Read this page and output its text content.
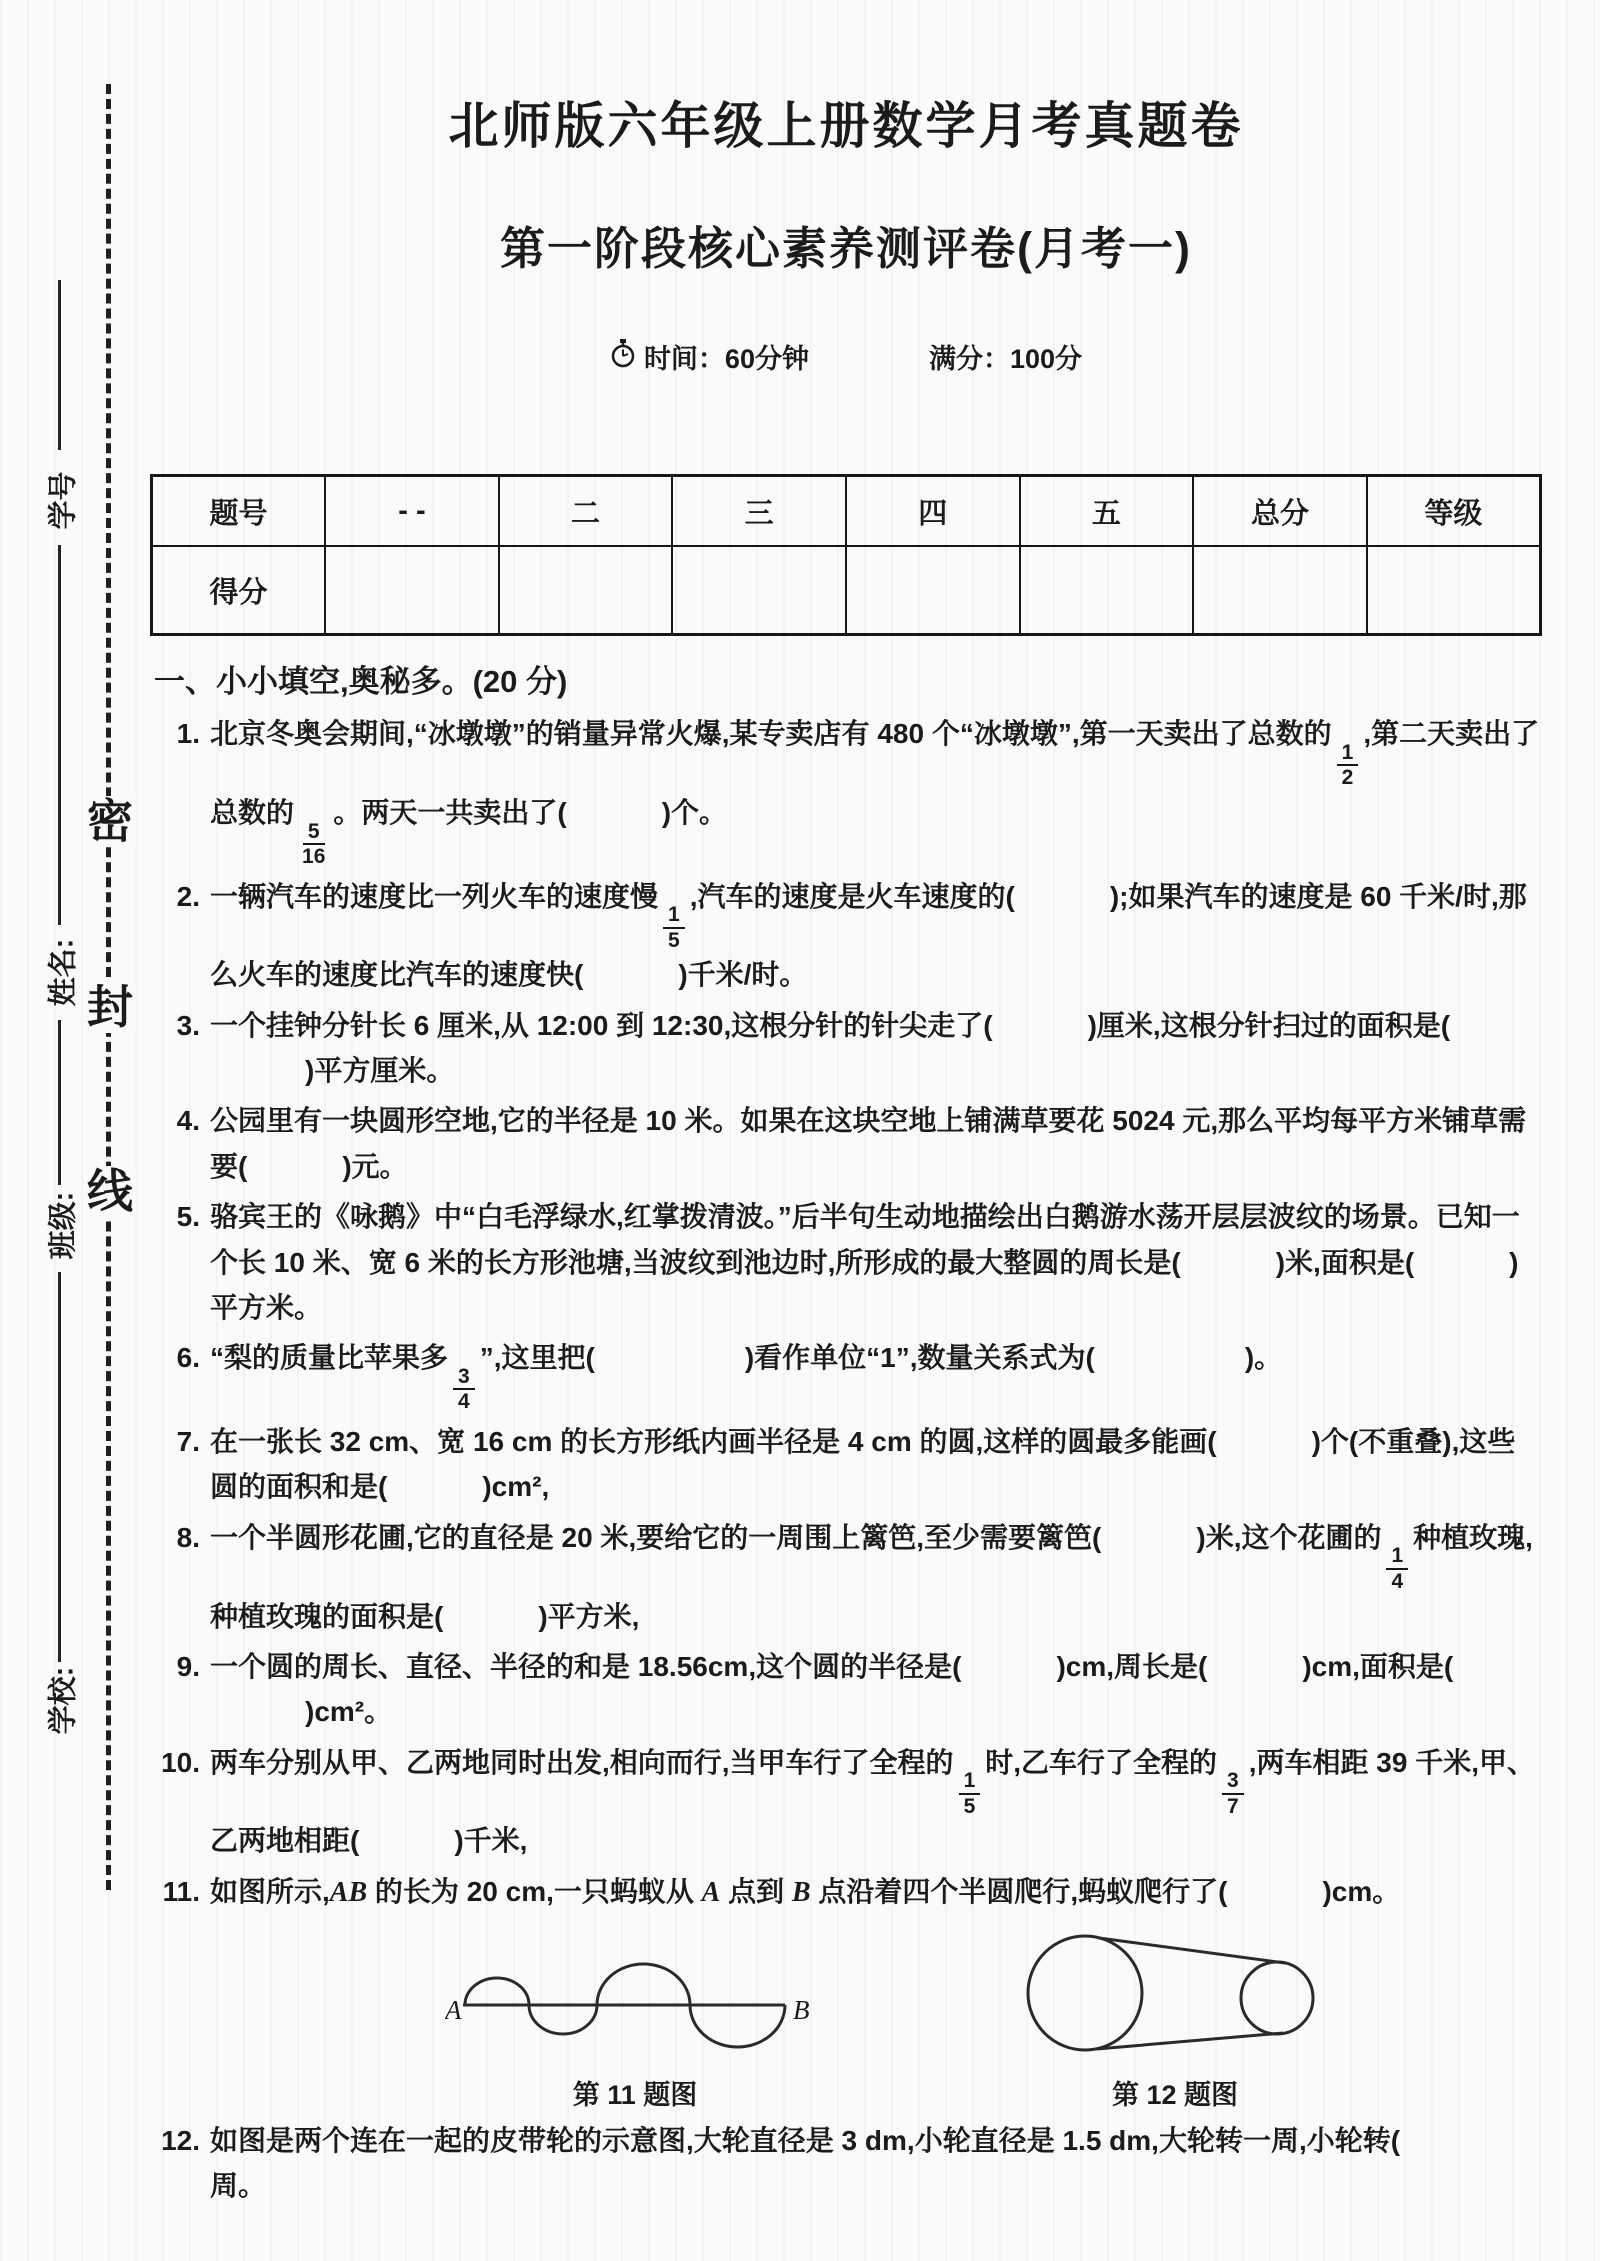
密
封
线
学号
姓名:
班级:
学校:
北师版六年级上册数学月考真题卷
第一阶段核心素养测评卷(月考一)
时间：60分钟	满分：100分
题号	- -	二	三	四	五	总分	等级
得分							
一、小小填空,奥秘多。(20 分)
1. 北京冬奥会期间,“冰墩墩”的销量异常火爆,某专卖店有 480 个“冰墩墩”,第一天卖出了总数的
$\frac{1}{2}$
,第二天卖出了总数的
$\frac{5}{16}$
。两天一共卖出了(	)个。
2. 一辆汽车的速度比一列火车的速度慢
$\frac{1}{5}$
,汽车的速度是火车速度的(	);如果汽车的速度是 60 千米/时,那么火车的速度比汽车的速度快(	)千米/时。
3. 一个挂钟分针长 6 厘米,从 12:00 到 12:30,这根分针的针尖走了(	)厘米,这根分针扫过的面积是()平方厘米。
4. 公园里有一块圆形空地,它的半径是 10 米。如果在这块空地上铺满草要花 5024 元,那么平均每平方米铺草需要(	)元。
5. 骆宾王的《咏鹅》中“白毛浮绿水,红掌拨清波。”后半句生动地描绘出白鹅游水荡开层层波纹的场景。已知一个长 10 米、宽 6 米的长方形池塘,当波纹到池边时,所形成的最大整圆的周长是(	)米,面积是(	)平方米。
6. “梨的质量比苹果多
$\frac{3}{4}$
”,这里把(	)看作单位“1”,数量关系式为(	)。
7. 在一张长 32 cm、宽 16 cm 的长方形纸内画半径是 4 cm 的圆,这样的圆最多能画(	)个(不重叠),这些圆的面积和是(	)cm²,
8. 一个半圆形花圃,它的直径是 20 米,要给它的一周围上篱笆,至少需要篱笆(	)米,这个花圃的
$\frac{1}{4}$
种植玫瑰,种植玫瑰的面积是(	)平方米,
9. 一个圆的周长、直径、半径的和是 18.56cm,这个圆的半径是(	)cm,周长是(	)cm,面积是()cm²。
10. 两车分别从甲、乙两地同时出发,相向而行,当甲车行了全程的
$\frac{1}{5}$
时,乙车行了全程的
$\frac{3}{7}$
,两车相距 39 千米,甲、乙两地相距(	)千米,
11. 如图所示,AB 的长为 20 cm,一只蚂蚁从 A 点到 B 点沿着四个半圆爬行,蚂蚁爬行了(	)cm。
A	B
第 11 题图	第 12 题图
12. 如图是两个连在一起的皮带轮的示意图,大轮直径是 3 dm,小轮直径是 1.5 dm,大轮转一周,小轮转(周。
